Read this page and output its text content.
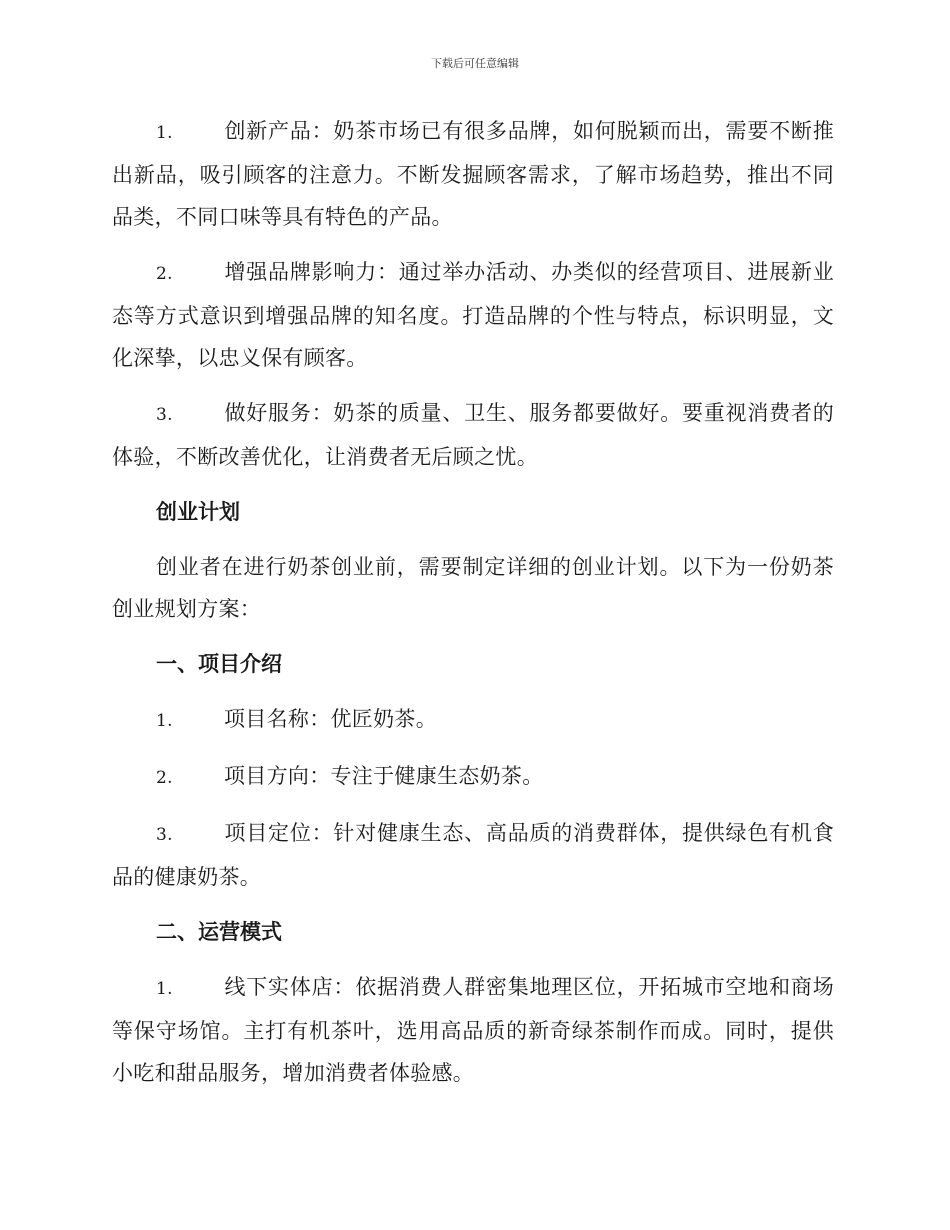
下载后可任意编辑

1. 创新产品：奶茶市场已有很多品牌，如何脱颖而出，需要不断推出新品，吸引顾客的注意力。不断发掘顾客需求，了解市场趋势，推出不同品类，不同口味等具有特色的产品。

2. 增强品牌影响力：通过举办活动、办类似的经营项目、进展新业态等方式意识到增强品牌的知名度。打造品牌的个性与特点，标识明显，文化深挚，以忠义保有顾客。

3. 做好服务：奶茶的质量、卫生、服务都要做好。要重视消费者的体验，不断改善优化，让消费者无后顾之忧。

创业计划

创业者在进行奶茶创业前，需要制定详细的创业计划。以下为一份奶茶创业规划方案：

一、项目介绍

1. 项目名称：优匠奶茶。

2. 项目方向：专注于健康生态奶茶。

3. 项目定位：针对健康生态、高品质的消费群体，提供绿色有机食品的健康奶茶。

二、运营模式

1. 线下实体店：依据消费人群密集地理区位，开拓城市空地和商场等保守场馆。主打有机茶叶，选用高品质的新奇绿茶制作而成。同时，提供小吃和甜品服务，增加消费者体验感。
